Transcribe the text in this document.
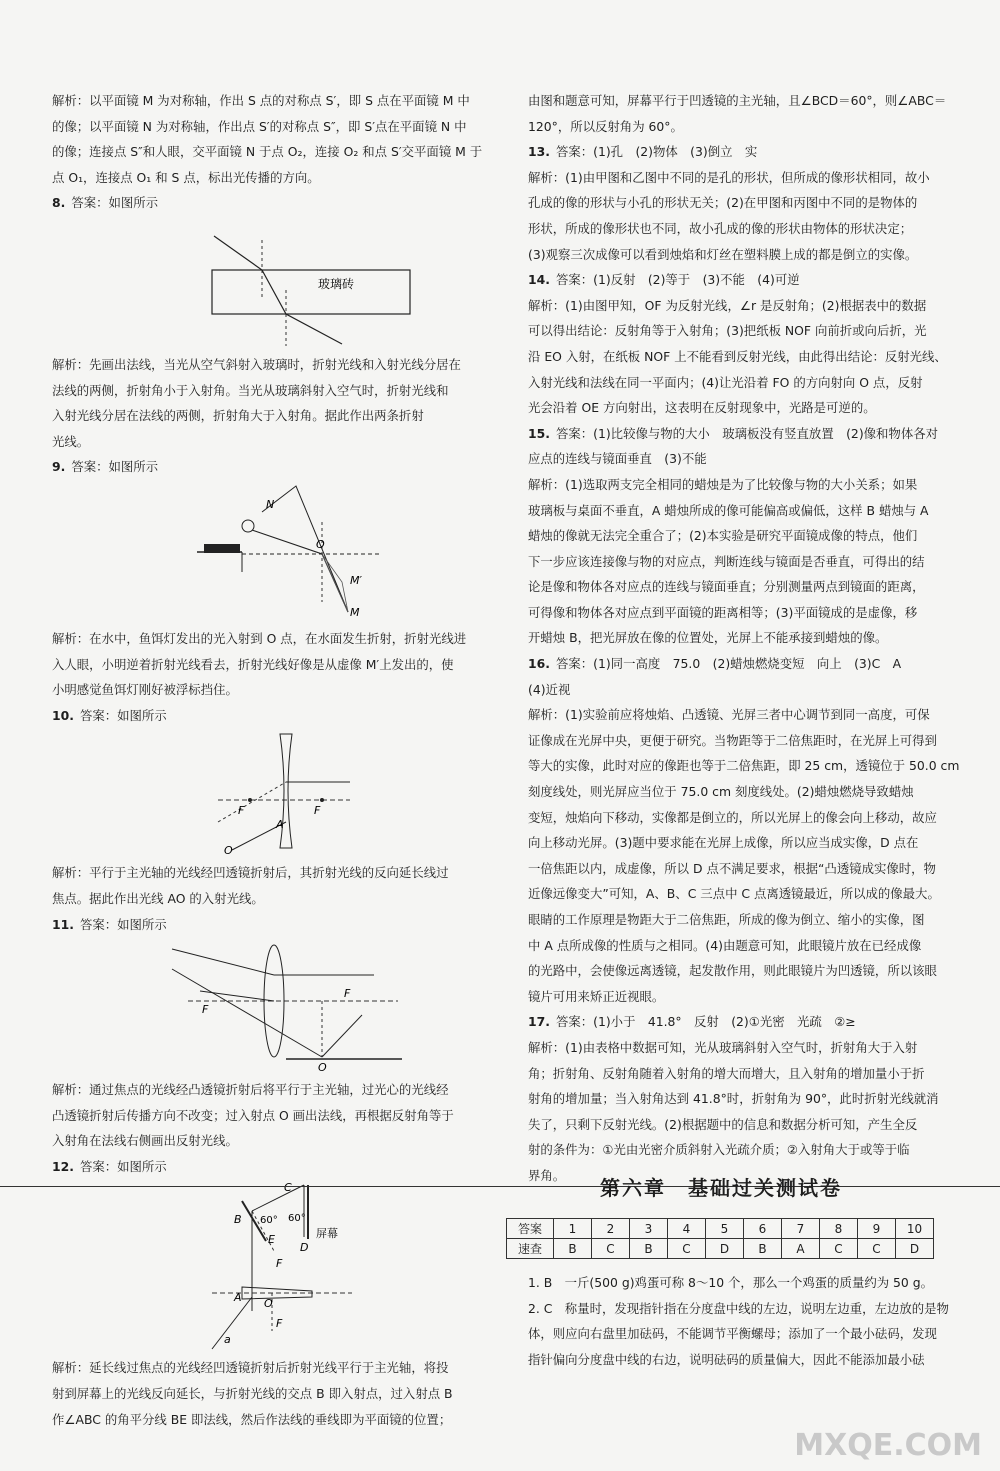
解析：以平面镜 M 为对称轴，作出 S 点的对称点 S′，即 S 点在平面镜 M 中

的像；以平面镜 N 为对称轴，作出点 S′的对称点 S″，即 S′点在平面镜 N 中

的像；连接点 S″和人眼，交平面镜 N 于点 O₂，连接 O₂ 和点 S′交平面镜 M 于

点 O₁，连接点 O₁ 和 S 点，标出光传播的方向。

8. 答案：如图所示

玻璃砖

解析：先画出法线，当光从空气斜射入玻璃时，折射光线和入射光线分居在

法线的两侧，折射角小于入射角。当光从玻璃斜射入空气时，折射光线和

入射光线分居在法线的两侧，折射角大于入射角。据此作出两条折射

光线。

9. 答案：如图所示

N
O
M′
M

解析：在水中，鱼饵灯发出的光入射到 O 点，在水面发生折射，折射光线进

入人眼，小明逆着折射光线看去，折射光线好像是从虚像 M′上发出的，使

小明感觉鱼饵灯刚好被浮标挡住。

10. 答案：如图所示

F
A
F
O

解析：平行于主光轴的光线经凹透镜折射后，其折射光线的反向延长线过

焦点。据此作出光线 AO 的入射光线。

11. 答案：如图所示

F
F
O

解析：通过焦点的光线经凸透镜折射后将平行于主光轴，过光心的光线经

凸透镜折射后传播方向不改变；过入射点 O 画出法线，再根据反射角等于

入射角在法线右侧画出反射光线。

12. 答案：如图所示

C
B	60°
60°
E
D
屏幕
F
A O
F
a

解析：延长线过焦点的光线经凹透镜折射后折射光线平行于主光轴，将投

射到屏幕上的光线反向延长，与折射光线的交点 B 即入射点，过入射点 B

作∠ABC 的角平分线 BE 即法线，然后作法线的垂线即为平面镜的位置；

由图和题意可知，屏幕平行于凹透镜的主光轴，且∠BCD＝60°，则∠ABC＝

120°，所以反射角为 60°。

13. 答案：(1)孔　(2)物体　(3)倒立　实

解析：(1)由甲图和乙图中不同的是孔的形状，但所成的像形状相同，故小

孔成的像的形状与小孔的形状无关；(2)在甲图和丙图中不同的是物体的

形状，所成的像形状也不同，故小孔成的像的形状由物体的形状决定；

(3)观察三次成像可以看到烛焰和灯丝在塑料膜上成的都是倒立的实像。

14. 答案：(1)反射　(2)等于　(3)不能　(4)可逆

解析：(1)由图甲知，OF 为反射光线，∠r 是反射角；(2)根据表中的数据

可以得出结论：反射角等于入射角；(3)把纸板 NOF 向前折或向后折，光

沿 EO 入射，在纸板 NOF 上不能看到反射光线，由此得出结论：反射光线、

入射光线和法线在同一平面内；(4)让光沿着 FO 的方向射向 O 点，反射

光会沿着 OE 方向射出，这表明在反射现象中，光路是可逆的。

15. 答案：(1)比较像与物的大小　玻璃板没有竖直放置　(2)像和物体各对

应点的连线与镜面垂直　(3)不能

解析：(1)选取两支完全相同的蜡烛是为了比较像与物的大小关系；如果

玻璃板与桌面不垂直，A 蜡烛所成的像可能偏高或偏低，这样 B 蜡烛与 A

蜡烛的像就无法完全重合了；(2)本实验是研究平面镜成像的特点，他们

下一步应该连接像与物的对应点，判断连线与镜面是否垂直，可得出的结

论是像和物体各对应点的连线与镜面垂直；分别测量两点到镜面的距离，

可得像和物体各对应点到平面镜的距离相等；(3)平面镜成的是虚像，移

开蜡烛 B，把光屏放在像的位置处，光屏上不能承接到蜡烛的像。

16. 答案：(1)同一高度　75.0　(2)蜡烛燃烧变短　向上　(3)C　A

(4)近视

解析：(1)实验前应将烛焰、凸透镜、光屏三者中心调节到同一高度，可保

证像成在光屏中央，更便于研究。当物距等于二倍焦距时，在光屏上可得到

等大的实像，此时对应的像距也等于二倍焦距，即 25 cm，透镜位于 50.0 cm

刻度线处，则光屏应当位于 75.0 cm 刻度线处。(2)蜡烛燃烧导致蜡烛

变短，烛焰向下移动，实像都是倒立的，所以光屏上的像会向上移动，故应

向上移动光屏。(3)题中要求能在光屏上成像，所以应当成实像，D 点在

一倍焦距以内，成虚像，所以 D 点不满足要求，根据“凸透镜成实像时，物

近像远像变大”可知，A、B、C 三点中 C 点离透镜最近，所以成的像最大。

眼睛的工作原理是物距大于二倍焦距，所成的像为倒立、缩小的实像，图

中 A 点所成像的性质与之相同。(4)由题意可知，此眼镜片放在已经成像

的光路中，会使像远离透镜，起发散作用，则此眼镜片为凹透镜，所以该眼

镜片可用来矫正近视眼。

17. 答案：(1)小于　41.8°　反射　(2)①光密　光疏　②≥

解析：(1)由表格中数据可知，光从玻璃斜射入空气时，折射角大于入射

角；折射角、反射角随着入射角的增大而增大，且入射角的增加量小于折

射角的增加量；当入射角达到 41.8°时，折射角为 90°，此时折射光线就消

失了，只剩下反射光线。(2)根据题中的信息和数据分析可知，产生全反

射的条件为：①光由光密介质斜射入光疏介质；②入射角大于或等于临

界角。

第六章　基础过关测试卷
答案	1	2	3	4	5	6	7	8	9	10
速查	B	C	B	C	D	B	A	C	C	D

1. B　一斤(500 g)鸡蛋可称 8～10 个，那么一个鸡蛋的质量约为 50 g。

2. C　称量时，发现指针指在分度盘中线的左边，说明左边重，左边放的是物

体，则应向右盘里加砝码，不能调节平衡螺母；添加了一个最小砝码，发现

指针偏向分度盘中线的右边，说明砝码的质量偏大，因此不能添加最小砝

MXQE.COM
